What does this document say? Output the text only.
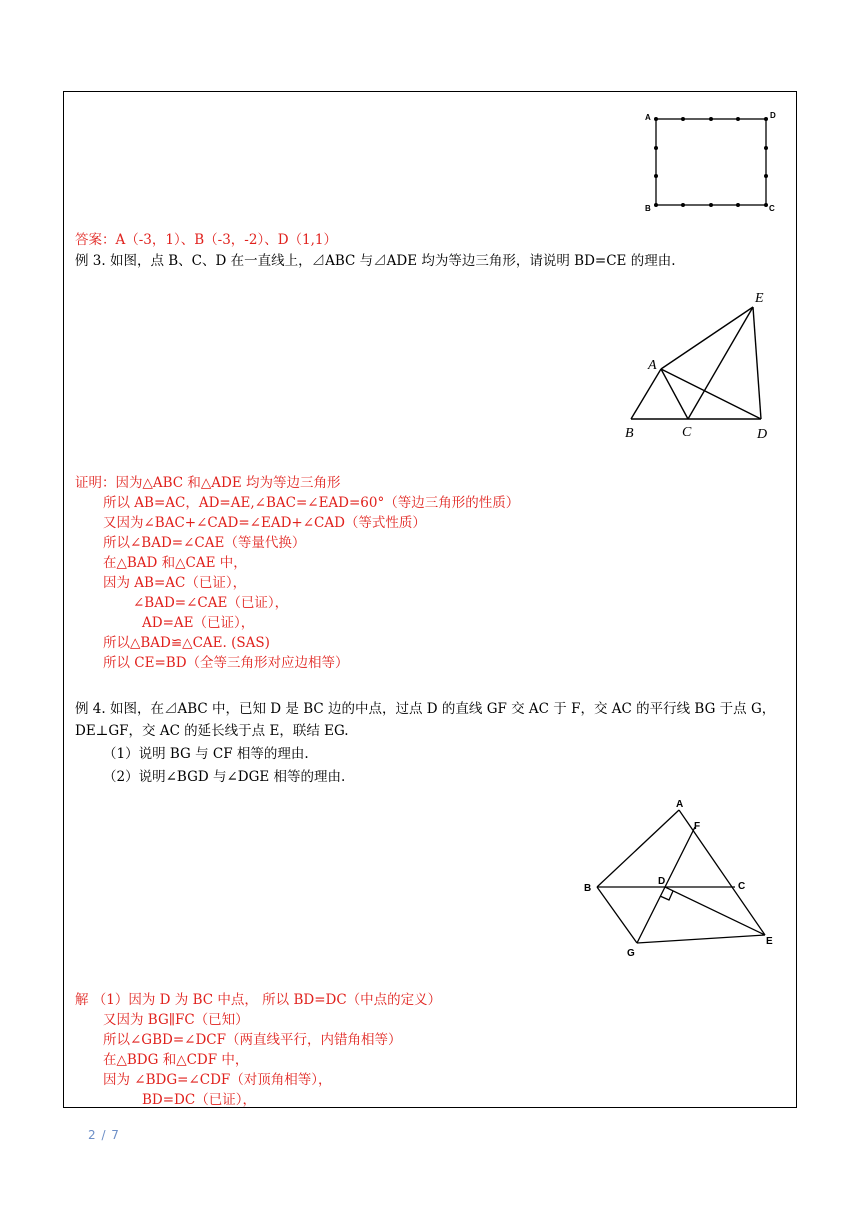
A	D
B	C
答案：A（-3，1）、B（-3，-2）、D（1,1）
例 3. 如图，点 B、C、D 在一直线上，⊿ABC 与⊿ADE 均为等边三角形，请说明 BD=CE 的理由.
E
A
B	C	D
证明：因为△ABC 和△ADE 均为等边三角形
所以 AB=AC，AD=AE,∠BAC=∠EAD=60°（等边三角形的性质）
又因为∠BAC+∠CAD=∠EAD+∠CAD（等式性质）
所以∠BAD=∠CAE（等量代换）
在△BAD 和△CAE 中，
因为 AB=AC（已证），
∠BAD=∠CAE（已证），
AD=AE（已证），
所以△BAD≌△CAE. (SAS)
所以 CE=BD（全等三角形对应边相等）
例 4. 如图，在⊿ABC 中，已知 D 是 BC 边的中点，过点 D 的直线 GF 交 AC 于 F，交 AC 的平行线 BG 于点 G，
DE⊥GF，交 AC 的延长线于点 E，联结 EG.
（1）说明 BG 与 CF 相等的理由.
（2）说明∠BGD 与∠DGE 相等的理由.
A
F
B
D	C
G
E
解 （1）因为 D 为 BC 中点， 所以 BD=DC（中点的定义）
又因为 BG∥FC（已知）
所以∠GBD=∠DCF（两直线平行，内错角相等）
在△BDG 和△CDF 中，
因为 ∠BDG=∠CDF（对顶角相等），
BD=DC（已证），
2 / 7
